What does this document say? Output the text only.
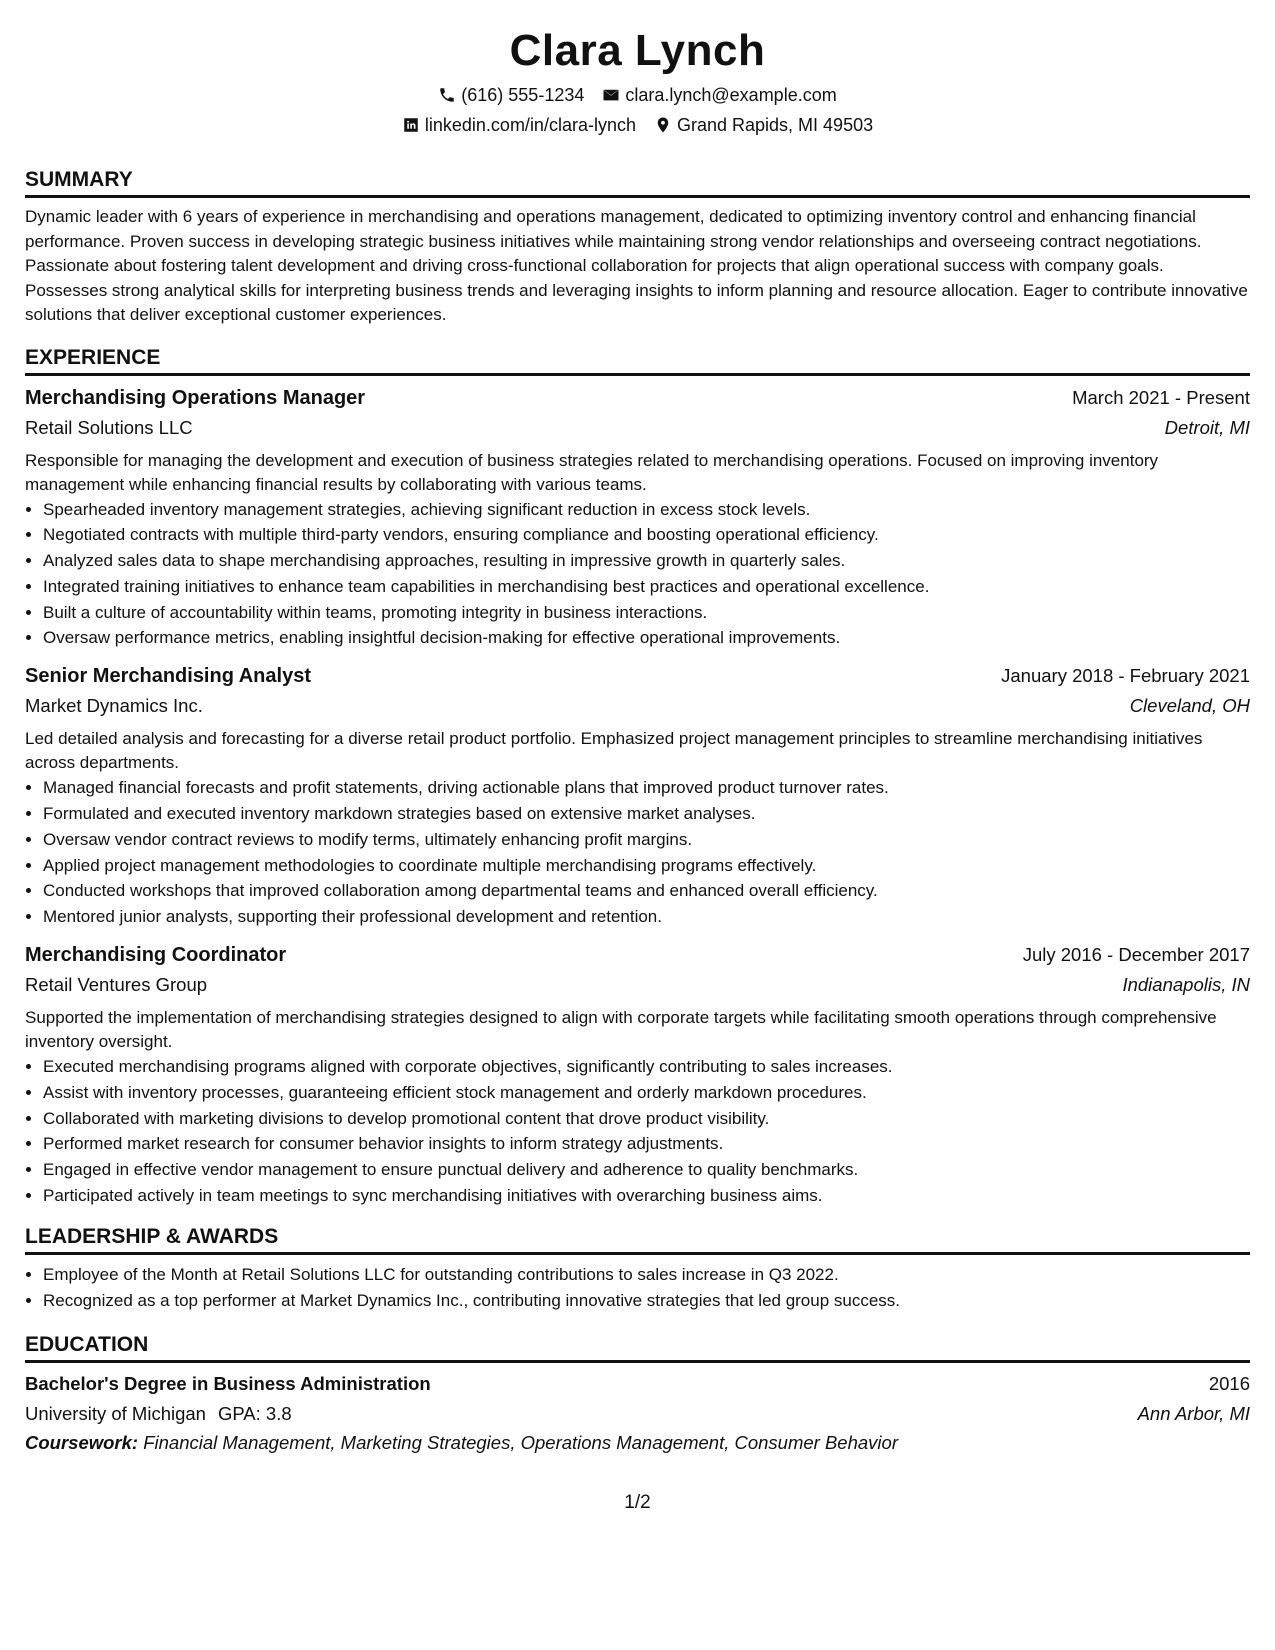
Clara Lynch
(616) 555-1234 clara.lynch@example.com
linkedin.com/in/clara-lynch Grand Rapids, MI 49503
SUMMARY

Dynamic leader with 6 years of experience in merchandising and operations management, dedicated to optimizing inventory control and enhancing financial performance. Proven success in developing strategic business initiatives while maintaining strong vendor relationships and overseeing contract negotiations. Passionate about fostering talent development and driving cross-functional collaboration for projects that align operational success with company goals. Possesses strong analytical skills for interpreting business trends and leveraging insights to inform planning and resource allocation. Eager to contribute innovative solutions that deliver exceptional customer experiences.

EXPERIENCE
Merchandising Operations Manager	March 2021 - Present
Retail Solutions LLC	Detroit, MI

Responsible for managing the development and execution of business strategies related to merchandising operations. Focused on improving inventory management while enhancing financial results by collaborating with various teams.

• Spearheaded inventory management strategies, achieving significant reduction in excess stock levels.
• Negotiated contracts with multiple third-party vendors, ensuring compliance and boosting operational efficiency.
• Analyzed sales data to shape merchandising approaches, resulting in impressive growth in quarterly sales.
• Integrated training initiatives to enhance team capabilities in merchandising best practices and operational excellence.
• Built a culture of accountability within teams, promoting integrity in business interactions.
• Oversaw performance metrics, enabling insightful decision-making for effective operational improvements.
Senior Merchandising Analyst	January 2018 - February 2021
Market Dynamics Inc.	Cleveland, OH

Led detailed analysis and forecasting for a diverse retail product portfolio. Emphasized project management principles to streamline merchandising initiatives across departments.

• Managed financial forecasts and profit statements, driving actionable plans that improved product turnover rates.
• Formulated and executed inventory markdown strategies based on extensive market analyses.
• Oversaw vendor contract reviews to modify terms, ultimately enhancing profit margins.
• Applied project management methodologies to coordinate multiple merchandising programs effectively.
• Conducted workshops that improved collaboration among departmental teams and enhanced overall efficiency.
• Mentored junior analysts, supporting their professional development and retention.
Merchandising Coordinator	July 2016 - December 2017
Retail Ventures Group	Indianapolis, IN

Supported the implementation of merchandising strategies designed to align with corporate targets while facilitating smooth operations through comprehensive inventory oversight.

• Executed merchandising programs aligned with corporate objectives, significantly contributing to sales increases.
• Assist with inventory processes, guaranteeing efficient stock management and orderly markdown procedures.
• Collaborated with marketing divisions to develop promotional content that drove product visibility.
• Performed market research for consumer behavior insights to inform strategy adjustments.
• Engaged in effective vendor management to ensure punctual delivery and adherence to quality benchmarks.
• Participated actively in team meetings to sync merchandising initiatives with overarching business aims.
LEADERSHIP & AWARDS
• Employee of the Month at Retail Solutions LLC for outstanding contributions to sales increase in Q3 2022.
• Recognized as a top performer at Market Dynamics Inc., contributing innovative strategies that led group success.
EDUCATION
Bachelor's Degree in Business Administration	2016
University of Michigan GPA: 3.8	Ann Arbor, MI
Coursework: Financial Management, Marketing Strategies, Operations Management, Consumer Behavior
1/2
